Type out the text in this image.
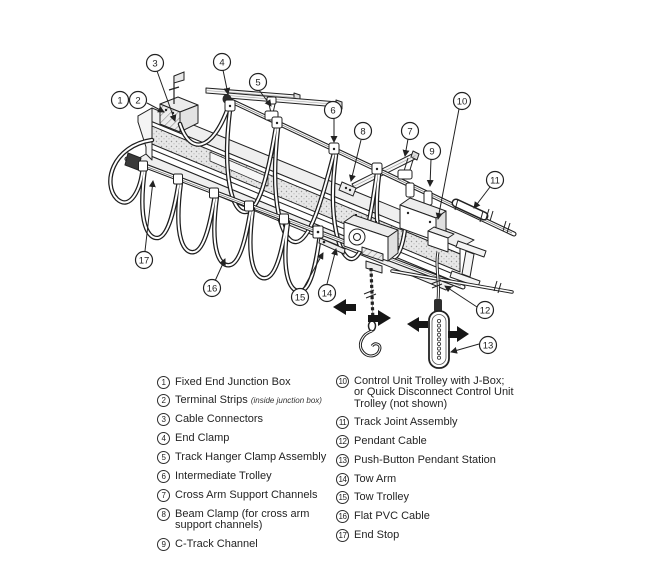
1 2
3	4
5
6
7
8
9
10
11
12
13
14
15
16
17
1 Fixed End Junction Box
2 Terminal Strips (inside junction box)
3 Cable Connectors
4 End Clamp
5 Track Hanger Clamp Assembly
6 Intermediate Trolley
7 Cross Arm Support Channels
8 Beam Clamp (for cross arm
support channels)
9 C-Track Channel
10 Control Unit Trolley with J-Box;
or Quick Disconnect Control Unit
Trolley (not shown)
11 Track Joint Assembly
12 Pendant Cable
13 Push-Button Pendant Station
14 Tow Arm
15 Tow Trolley
16 Flat PVC Cable
17 End Stop
